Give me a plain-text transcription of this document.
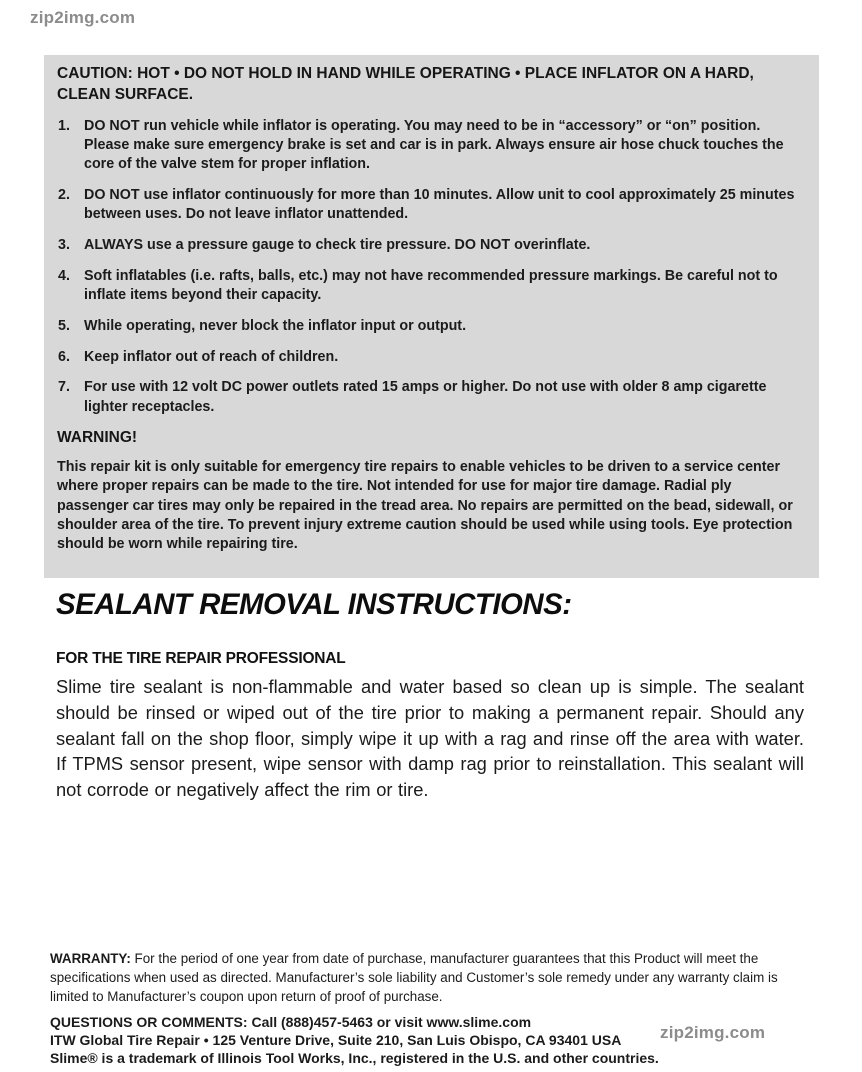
zip2img.com

CAUTION: HOT • DO NOT HOLD IN HAND WHILE OPERATING • PLACE INFLATOR ON A HARD, CLEAN SURFACE.

1. DO NOT run vehicle while inflator is operating. You may need to be in “accessory” or “on” position. Please make sure emergency brake is set and car is in park. Always ensure air hose chuck touches the core of the valve stem for proper inflation.
2. DO NOT use inflator continuously for more than 10 minutes. Allow unit to cool approximately 25 minutes between uses. Do not leave inflator unattended.
3. ALWAYS use a pressure gauge to check tire pressure. DO NOT overinflate.
4. Soft inflatables (i.e. rafts, balls, etc.) may not have recommended pressure markings. Be careful not to inflate items beyond their capacity.
5. While operating, never block the inflator input or output.
6. Keep inflator out of reach of children.
7. For use with 12 volt DC power outlets rated 15 amps or higher. Do not use with older 8 amp cigarette lighter receptacles.

WARNING!

This repair kit is only suitable for emergency tire repairs to enable vehicles to be driven to a service center where proper repairs can be made to the tire. Not intended for use for major tire damage. Radial ply passenger car tires may only be repaired in the tread area. No repairs are permitted on the bead, sidewall, or shoulder area of the tire. To prevent injury extreme caution should be used while using tools. Eye protection should be worn while repairing tire.

SEALANT REMOVAL INSTRUCTIONS:
FOR THE TIRE REPAIR PROFESSIONAL

Slime tire sealant is non-flammable and water based so clean up is simple. The sealant should be rinsed or wiped out of the tire prior to making a permanent repair. Should any sealant fall on the shop floor, simply wipe it up with a rag and rinse off the area with water. If TPMS sensor present, wipe sensor with damp rag prior to reinstallation. This sealant will not corrode or negatively affect the rim or tire.

WARRANTY: For the period of one year from date of purchase, manufacturer guarantees that this Product will meet the specifications when used as directed. Manufacturer’s sole liability and Customer’s sole remedy under any warranty claim is limited to Manufacturer’s coupon upon return of proof of purchase.

QUESTIONS OR COMMENTS: Call (888)457-5463 or visit www.slime.com
ITW Global Tire Repair • 125 Venture Drive, Suite 210, San Luis Obispo, CA 93401 USA
Slime® is a trademark of Illinois Tool Works, Inc., registered in the U.S. and other countries.
zip2img.com
